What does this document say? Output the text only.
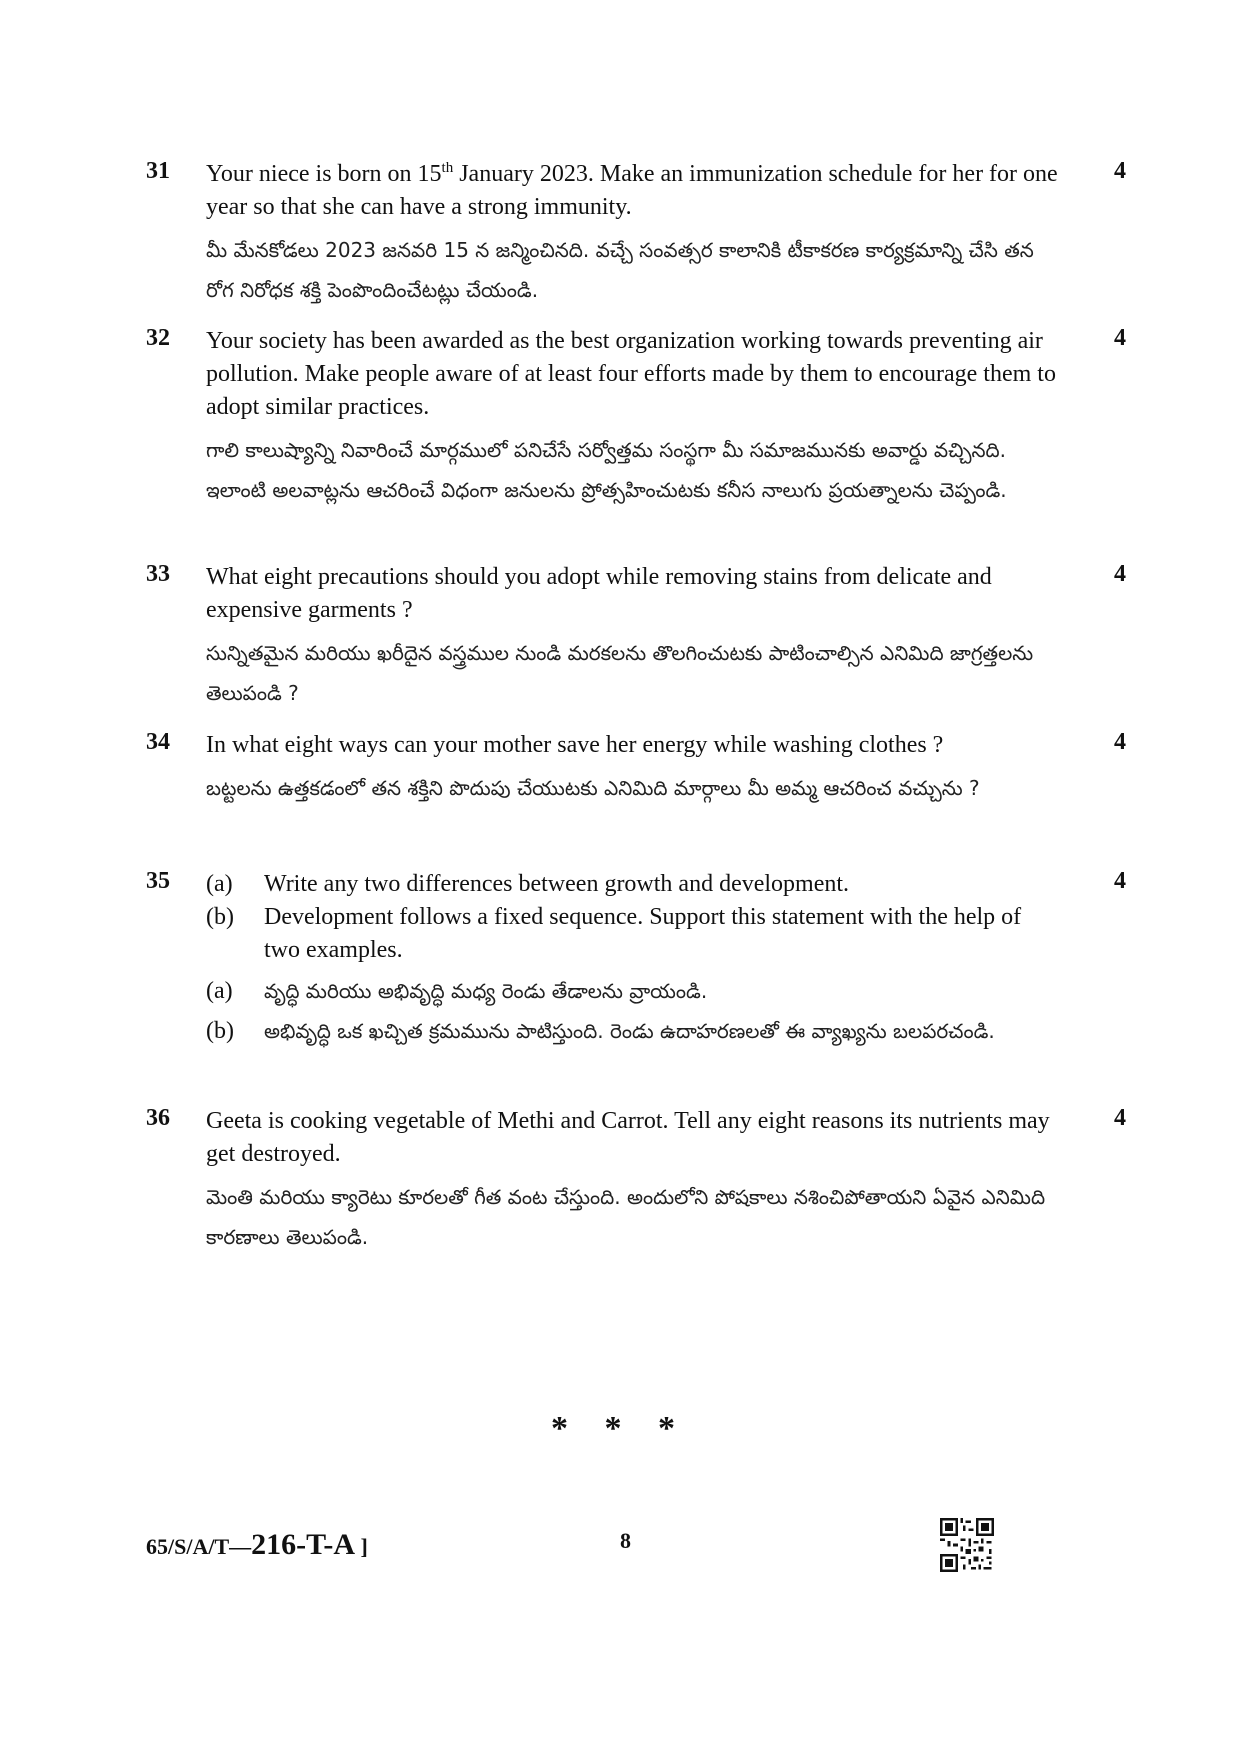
31	4
Your niece is born on 15th January 2023. Make an immunization schedule for her for one year so that she can have a strong immunity.
మీ మేనకోడలు 2023 జనవరి 15 న జన్మించినది. వచ్చే సంవత్సర కాలానికి టీకాకరణ కార్యక్రమాన్ని చేసి తన రోగ నిరోధక శక్తి పెంపొందించేటట్లు చేయండి.
32	4
Your society has been awarded as the best organization working towards preventing air pollution. Make people aware of at least four efforts made by them to encourage them to adopt similar practices.
గాలి కాలుష్యాన్ని నివారించే మార్గములో పనిచేసే సర్వోత్తమ సంస్థగా మీ సమాజమునకు అవార్డు వచ్చినది. ఇలాంటి అలవాట్లను ఆచరించే విధంగా జనులను ప్రోత్సహించుటకు కనీస నాలుగు ప్రయత్నాలను చెప్పండి.
33	4
What eight precautions should you adopt while removing stains from delicate and expensive garments ?
సున్నితమైన మరియు ఖరీదైన వస్త్రముల నుండి మరకలను తొలగించుటకు పాటించాల్సిన ఎనిమిది జాగ్రత్తలను తెలుపండి ?
34	4
In what eight ways can your mother save her energy while washing clothes ?
బట్టలను ఉత్తకడంలో తన శక్తిని పొదుపు చేయుటకు ఎనిమిది మార్గాలు మీ అమ్మ ఆచరించ వచ్చును ?
35	4
(a)	Write any two differences between growth and development.
(b)	Development follows a fixed sequence. Support this statement with the help of two examples.
(a)	వృద్ధి మరియు అభివృద్ధి మధ్య రెండు తేడాలను వ్రాయండి.
(b)	అభివృద్ధి ఒక ఖచ్చిత క్రమమును పాటిస్తుంది. రెండు ఉదాహరణలతో ఈ వ్యాఖ్యను బలపరచండి.
36	4
Geeta is cooking vegetable of Methi and Carrot. Tell any eight reasons its nutrients may get destroyed.
మెంతి మరియు క్యారెటు కూరలతో గీత వంట చేస్తుంది. అందులోని పోషకాలు నశించిపోతాయని ఏవైన ఎనిమిది కారణాలు తెలుపండి.
* * *
65/S/A/T—216-T-A ]	8
